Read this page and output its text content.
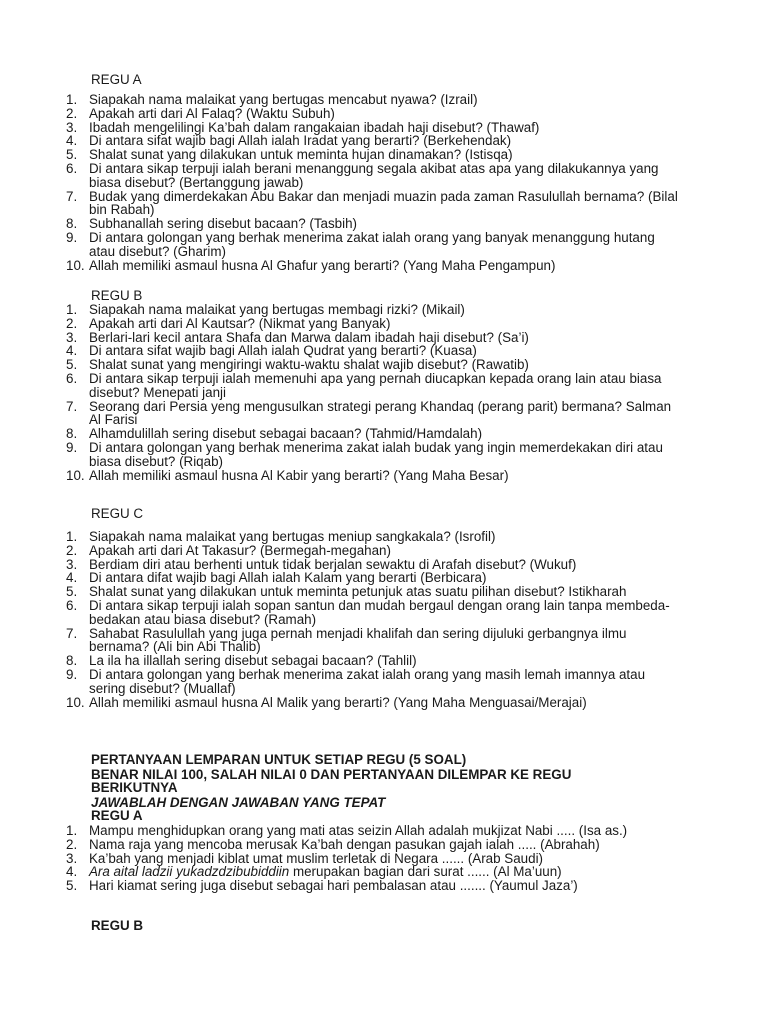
REGU A
1. Siapakah nama malaikat yang bertugas mencabut nyawa? (Izrail)
2. Apakah arti dari Al Falaq? (Waktu Subuh)
3. Ibadah mengelilingi Ka’bah dalam rangakaian ibadah haji disebut? (Thawaf)
4. Di antara sifat wajib bagi Allah ialah Iradat yang berarti? (Berkehendak)
5. Shalat sunat yang dilakukan untuk meminta hujan dinamakan? (Istisqa)
6. Di antara sikap terpuji ialah berani menanggung segala akibat atas apa yang dilakukannya yang biasa disebut? (Bertanggung jawab)
7. Budak yang dimerdekakan Abu Bakar dan menjadi muazin pada zaman Rasulullah bernama? (Bilal bin Rabah)
8. Subhanallah sering disebut bacaan? (Tasbih)
9. Di antara golongan yang berhak menerima zakat ialah orang yang banyak menanggung hutang atau disebut? (Gharim)
10. Allah memiliki asmaul husna Al Ghafur yang berarti? (Yang Maha Pengampun)
REGU B
1. Siapakah nama malaikat yang bertugas membagi rizki? (Mikail)
2. Apakah arti dari Al Kautsar? (Nikmat yang Banyak)
3. Berlari-lari kecil antara Shafa dan Marwa dalam ibadah haji disebut? (Sa’i)
4. Di antara sifat wajib bagi Allah ialah Qudrat yang berarti? (Kuasa)
5. Shalat sunat yang mengiringi waktu-waktu shalat wajib disebut? (Rawatib)
6. Di antara sikap terpuji ialah memenuhi apa yang pernah diucapkan kepada orang lain atau biasa disebut? Menepati janji
7. Seorang dari Persia yeng mengusulkan strategi perang Khandaq (perang parit) bermana? Salman Al Farisi
8. Alhamdulillah sering disebut sebagai bacaan? (Tahmid/Hamdalah)
9. Di antara golongan yang berhak menerima zakat ialah budak yang ingin memerdekakan diri atau biasa disebut? (Riqab)
10. Allah memiliki asmaul husna Al Kabir yang berarti? (Yang Maha Besar)
REGU C
1. Siapakah nama malaikat yang bertugas meniup sangkakala? (Isrofil)
2. Apakah arti dari At Takasur? (Bermegah-megahan)
3. Berdiam diri atau berhenti untuk tidak berjalan sewaktu di Arafah disebut? (Wukuf)
4. Di antara difat wajib bagi Allah ialah Kalam yang berarti (Berbicara)
5. Shalat sunat yang dilakukan untuk meminta petunjuk atas suatu pilihan disebut? Istikharah
6. Di antara sikap terpuji ialah sopan santun dan mudah bergaul dengan orang lain tanpa membeda-bedakan atau biasa disebut? (Ramah)
7. Sahabat Rasulullah yang juga pernah menjadi khalifah dan sering dijuluki gerbangnya ilmu bernama? (Ali bin Abi Thalib)
8. La ila ha illallah sering disebut sebagai bacaan? (Tahlil)
9. Di antara golongan yang berhak menerima zakat ialah orang yang masih lemah imannya atau sering disebut? (Muallaf)
10. Allah memiliki asmaul husna Al Malik yang berarti? (Yang Maha Menguasai/Merajai)
PERTANYAAN LEMPARAN UNTUK SETIAP REGU (5 SOAL)
BENAR NILAI 100, SALAH NILAI 0 DAN PERTANYAAN DILEMPAR KE REGU BERIKUTNYA
JAWABLAH DENGAN JAWABAN YANG TEPAT
REGU A
1. Mampu menghidupkan orang yang mati atas seizin Allah adalah mukjizat Nabi ..... (Isa as.)
2. Nama raja yang mencoba merusak Ka’bah dengan pasukan gajah ialah ..... (Abrahah)
3. Ka’bah yang menjadi kiblat umat muslim terletak di Negara ...... (Arab Saudi)
4. Ara aital ladzii yukadzdzibubiddiin merupakan bagian dari surat ...... (Al Ma’uun)
5. Hari kiamat sering juga disebut sebagai hari pembalasan atau ....... (Yaumul Jaza’)
REGU B
